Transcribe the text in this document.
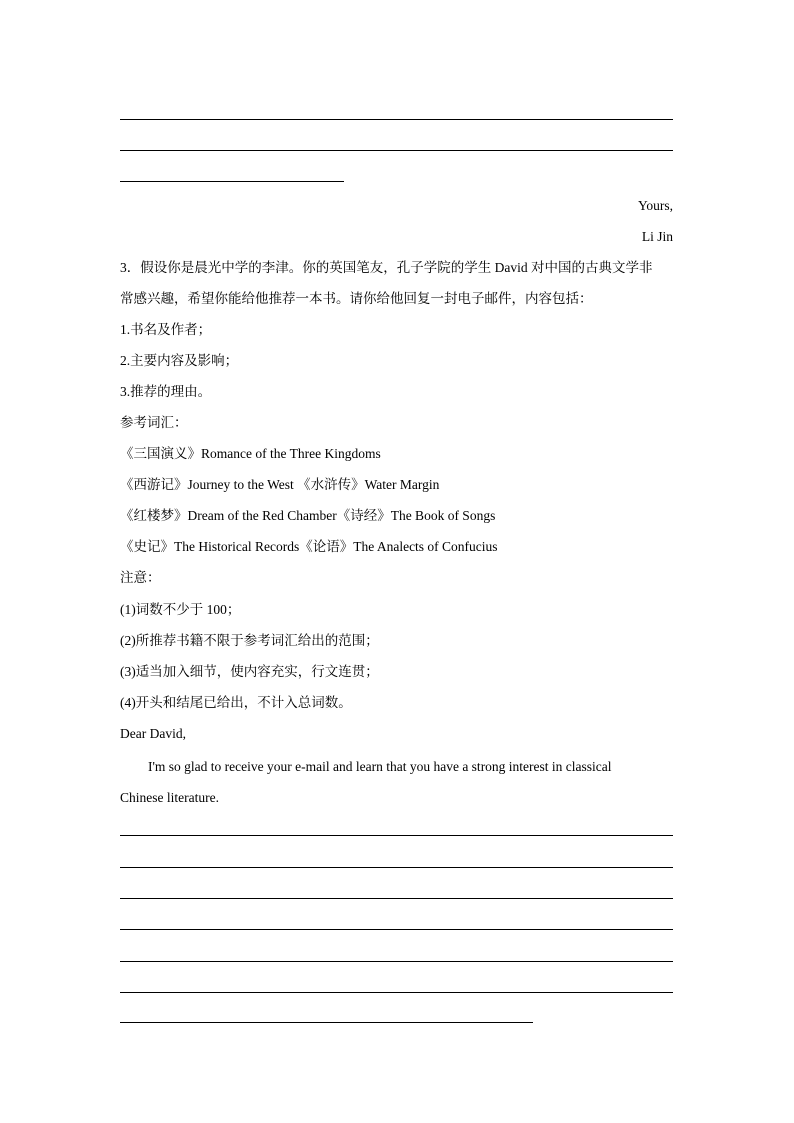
Yours,
Li Jin
3．假设你是晨光中学的李津。你的英国笔友，孔子学院的学生 David 对中国的古典文学非
常感兴趣，希望你能给他推荐一本书。请你给他回复一封电子邮件，内容包括：
1.书名及作者；
2.主要内容及影响；
3.推荐的理由。
参考词汇：
《三国演义》Romance of the Three Kingdoms
《西游记》Journey to the West 《水浒传》Water Margin
《红楼梦》Dream of the Red Chamber《诗经》The Book of Songs
《史记》The Historical Records《论语》The Analects of Confucius
注意：
(1)词数不少于 100；
(2)所推荐书籍不限于参考词汇给出的范围；
(3)适当加入细节，使内容充实，行文连贯；
(4)开头和结尾已给出，不计入总词数。
Dear David,
I'm so glad to receive your e-mail and learn that you have a strong interest in classical
Chinese literature.
